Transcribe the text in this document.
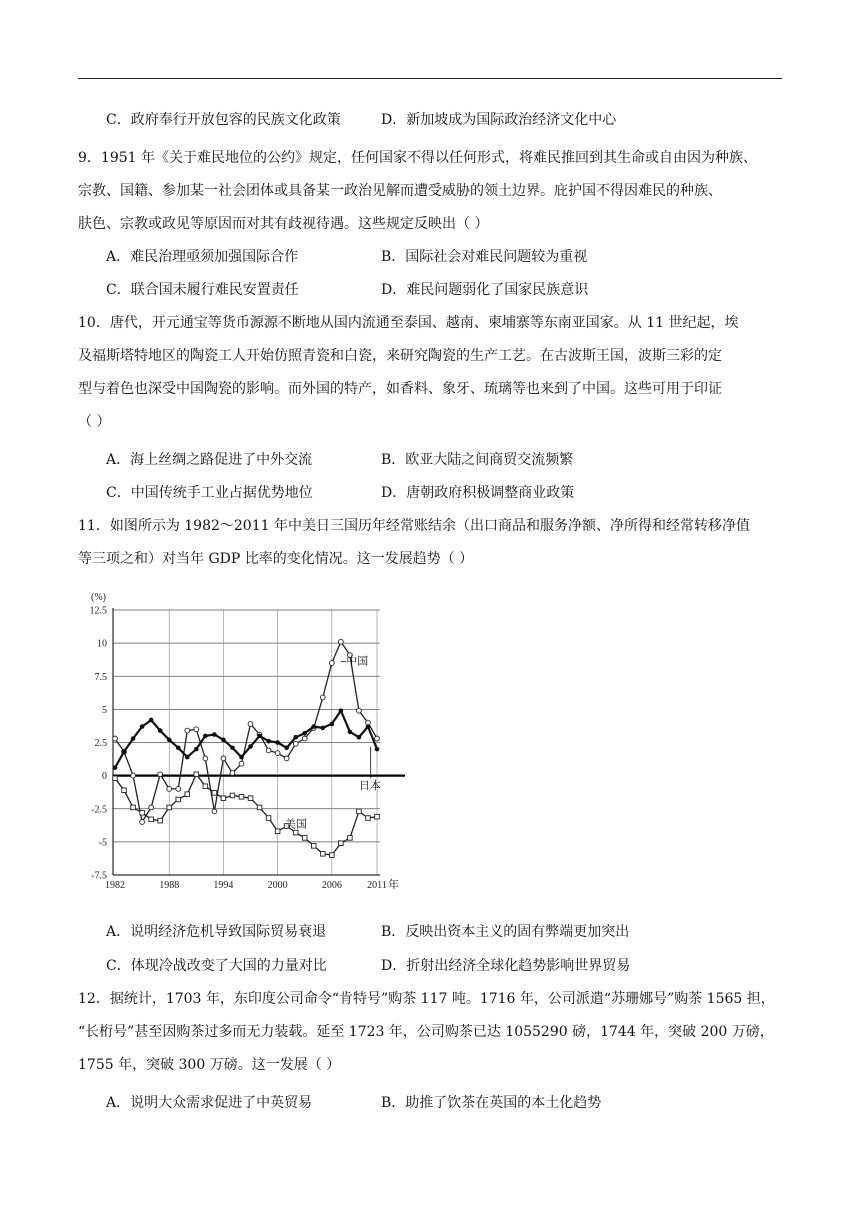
C．政府奉行开放包容的民族文化政策	D．新加坡成为国际政治经济文化中心
9．1951 年《关于难民地位的公约》规定，任何国家不得以任何形式，将难民推回到其生命或自由因为种族、
宗教、国籍、参加某一社会团体或具备某一政治见解而遭受威胁的领土边界。庇护国不得因难民的种族、
肤色、宗教或政见等原因而对其有歧视待遇。这些规定反映出（ ）
A．难民治理亟须加强国际合作	B．国际社会对难民问题较为重视
C．联合国未履行难民安置责任	D．难民问题弱化了国家民族意识
10．唐代，开元通宝等货币源源不断地从国内流通至泰国、越南、柬埔寨等东南亚国家。从 11 世纪起，埃
及福斯塔特地区的陶瓷工人开始仿照青瓷和白瓷，来研究陶瓷的生产工艺。在古波斯王国，波斯三彩的定
型与着色也深受中国陶瓷的影响。而外国的特产，如香料、象牙、琉璃等也来到了中国。这些可用于印证
（ ）
A．海上丝绸之路促进了中外交流	B．欧亚大陆之间商贸交流频繁
C．中国传统手工业占据优势地位	D．唐朝政府积极调整商业政策
11．如图所示为 1982～2011 年中美日三国历年经常账结余（出口商品和服务净额、净所得和经常转移净值
等三项之和）对当年 GDP 比率的变化情况。这一发展趋势（ ）
12.5
10
7.5
5
2.5
0
-2.5
-5
-7.5
1982	1988	1994	2000	2006	2011
(%)
年
中国
日本
美国
A．说明经济危机导致国际贸易衰退	B．反映出资本主义的固有弊端更加突出
C．体现冷战改变了大国的力量对比	D．折射出经济全球化趋势影响世界贸易
12．据统计，1703 年，东印度公司命令“肯特号”购茶 117 吨。1716 年，公司派遣“苏珊娜号”购茶 1565 担，
“长桁号”甚至因购茶过多而无力装载。延至 1723 年，公司购茶已达 1055290 磅，1744 年，突破 200 万磅，
1755 年，突破 300 万磅。这一发展（ ）
A．说明大众需求促进了中英贸易	B．助推了饮茶在英国的本土化趋势
